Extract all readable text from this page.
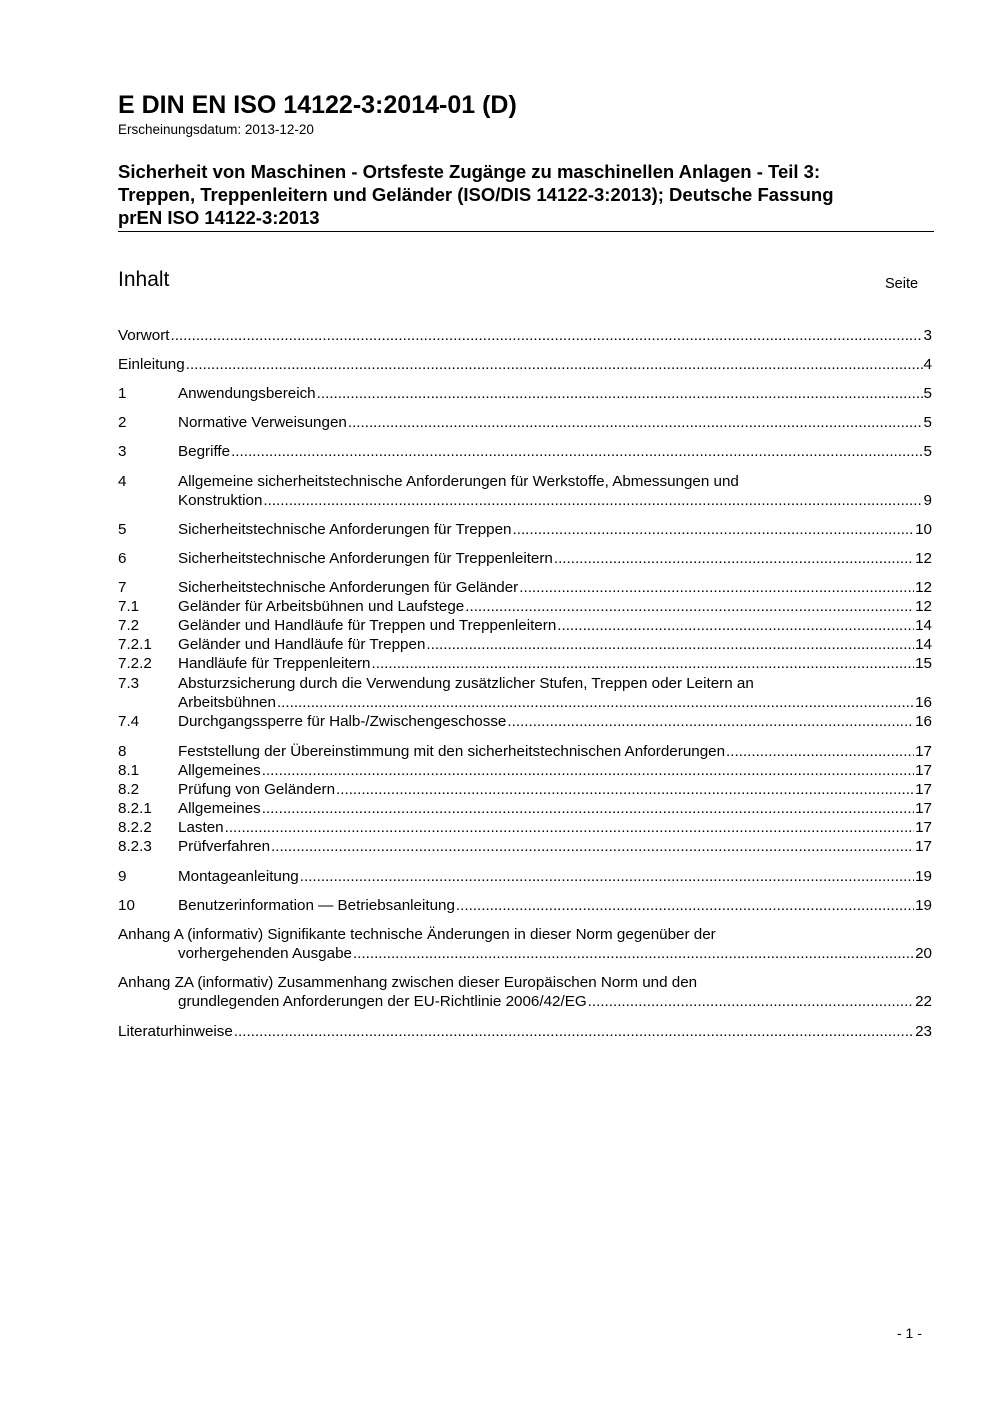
E DIN EN ISO 14122-3:2014-01 (D)
Erscheinungsdatum: 2013-12-20
Sicherheit von Maschinen - Ortsfeste Zugänge zu maschinellen Anlagen - Teil 3:
Treppen, Treppenleitern und Geländer (ISO/DIS 14122-3:2013); Deutsche Fassung
prEN ISO 14122-3:2013
Inhalt	Seite
Vorwort .....	3
Einleitung .....	4
1	Anwendungsbereich .....	5
2	Normative Verweisungen .....	5
3	Begriffe .....	5
4	Allgemeine sicherheitstechnische Anforderungen für Werkstoffe, Abmessungen und
Konstruktion .....	9
5	Sicherheitstechnische Anforderungen für Treppen .....	10
6	Sicherheitstechnische Anforderungen für Treppenleitern .....	12
7	Sicherheitstechnische Anforderungen für Geländer .....	12
7.1	Geländer für Arbeitsbühnen und Laufstege .....	12
7.2	Geländer und Handläufe für Treppen und Treppenleitern .....	14
7.2.1 Geländer und Handläufe für Treppen .....	14
7.2.2 Handläufe für Treppenleitern .....	15
7.3	Absturzsicherung durch die Verwendung zusätzlicher Stufen, Treppen oder Leitern an
Arbeitsbühnen .....	16
7.4	Durchgangssperre für Halb-/Zwischengeschosse .....	16
8	Feststellung der Übereinstimmung mit den sicherheitstechnischen Anforderungen .....	17
8.1	Allgemeines .....	17
8.2	Prüfung von Geländern .....	17
8.2.1 Allgemeines .....	17
8.2.2 Lasten .....	17
8.2.3 Prüfverfahren .....	17
9	Montageanleitung .....	19
10	Benutzerinformation — Betriebsanleitung .....	19
Anhang A (informativ) Signifikante technische Änderungen in dieser Norm gegenüber der
vorhergehenden Ausgabe .....	20
Anhang ZA (informativ) Zusammenhang zwischen dieser Europäischen Norm und den
grundlegenden Anforderungen der EU-Richtlinie 2006/42/EG .....	22
Literaturhinweise .....	23
- 1 -
